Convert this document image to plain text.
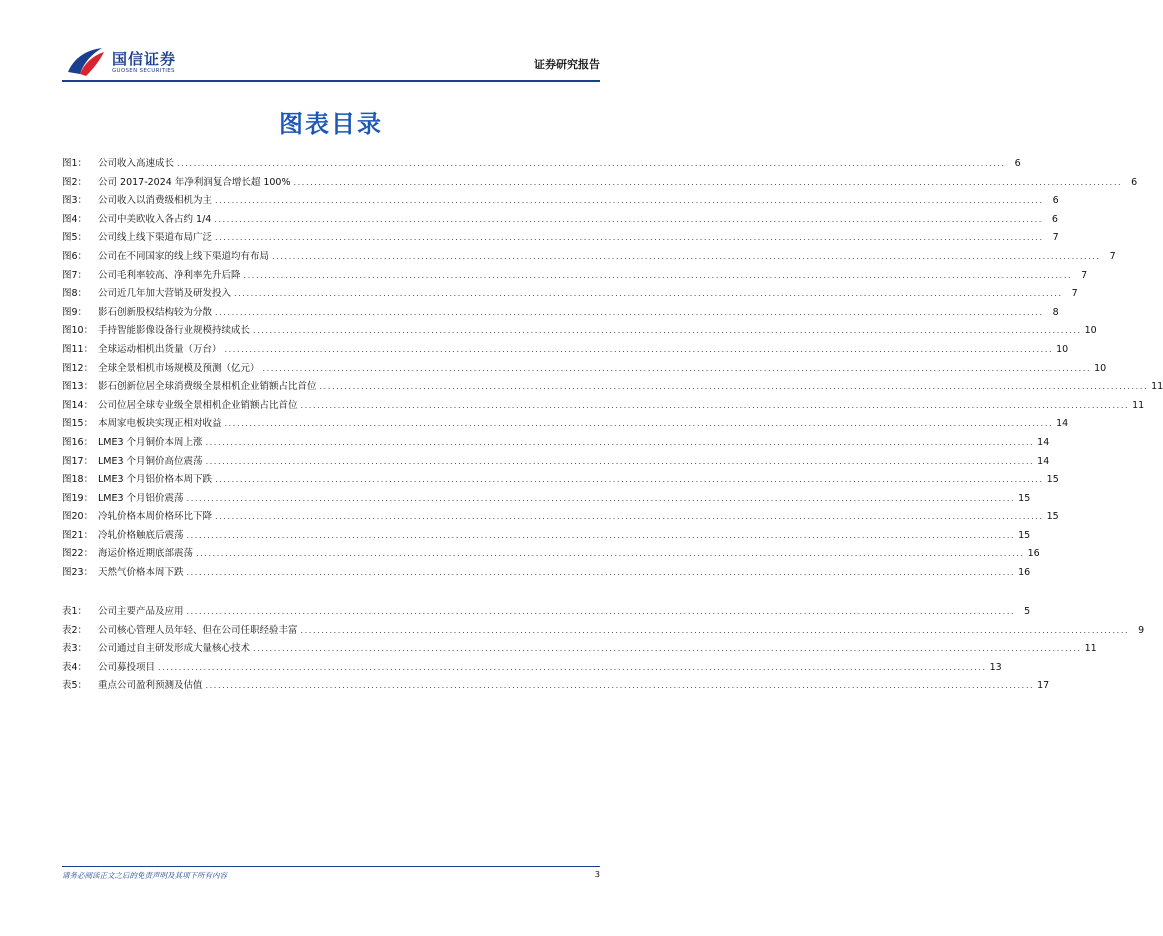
国信证券
GUOSEN SECURITIES	证券研究报告
图表目录
图1：	公司收入高速成长 ........................................................................................................................................................................................................ 6
图2：	公司 2017-2024 年净利润复合增长超 100% ........................................................................................................................................................................................................ 6
图3：	公司收入以消费级相机为主 ........................................................................................................................................................................................................ 6
图4：	公司中美欧收入各占约 1/4 ........................................................................................................................................................................................................ 6
图5：	公司线上线下渠道布局广泛 ........................................................................................................................................................................................................ 7
图6：	公司在不同国家的线上线下渠道均有布局 ........................................................................................................................................................................................................ 7
图7：	公司毛利率较高、净利率先升后降 ........................................................................................................................................................................................................ 7
图8：	公司近几年加大营销及研发投入 ........................................................................................................................................................................................................ 7
图9：	影石创新股权结构较为分散 ........................................................................................................................................................................................................ 8
图10： 手持智能影像设备行业规模持续成长 ........................................................................................................................................................................................................ 10
图11： 全球运动相机出货量（万台） ........................................................................................................................................................................................................ 10
图12： 全球全景相机市场规模及预测（亿元） ........................................................................................................................................................................................................ 10
图13： 影石创新位居全球消费级全景相机企业销额占比首位 ........................................................................................................................................................................................................ 11
图14： 公司位居全球专业级全景相机企业销额占比首位 ........................................................................................................................................................................................................ 11
图15： 本周家电板块实现正相对收益 ........................................................................................................................................................................................................ 14
图16： LME3 个月铜价本周上涨 ........................................................................................................................................................................................................ 14
图17： LME3 个月铜价高位震荡 ........................................................................................................................................................................................................ 14
图18： LME3 个月铝价格本周下跌 ........................................................................................................................................................................................................ 15
图19： LME3 个月铝价震荡 ........................................................................................................................................................................................................ 15
图20： 冷轧价格本周价格环比下降 ........................................................................................................................................................................................................ 15
图21： 冷轧价格触底后震荡 ........................................................................................................................................................................................................ 15
图22： 海运价格近期底部震荡 ........................................................................................................................................................................................................ 16
图23： 天然气价格本周下跌 ........................................................................................................................................................................................................ 16
表1：	公司主要产品及应用 ........................................................................................................................................................................................................ 5
表2：	公司核心管理人员年轻、但在公司任职经验丰富 ........................................................................................................................................................................................................ 9
表3：	公司通过自主研发形成大量核心技术 ........................................................................................................................................................................................................ 11
表4：	公司募投项目 ........................................................................................................................................................................................................ 13
表5：	重点公司盈利预测及估值 ........................................................................................................................................................................................................ 17
请务必阅读正文之后的免责声明及其项下所有内容	3
